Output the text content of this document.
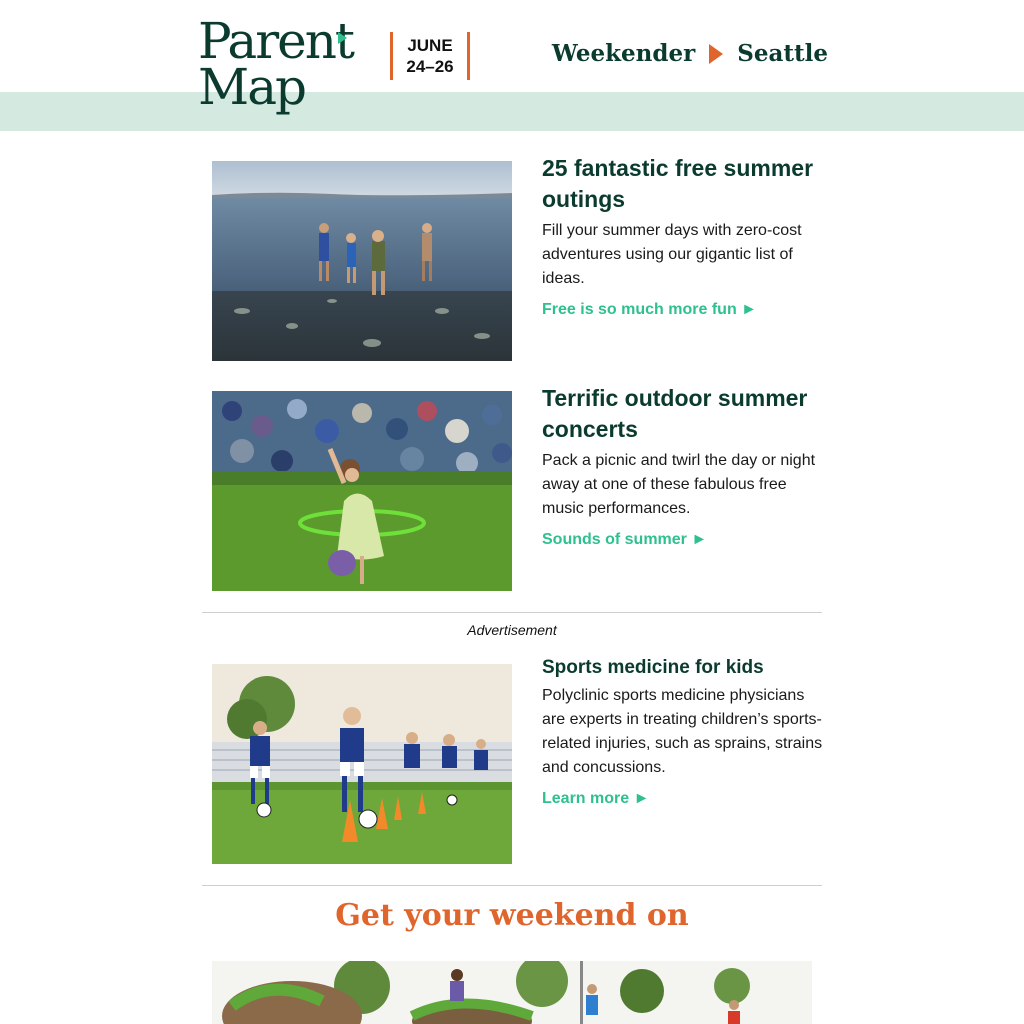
Parent
Map
JUNE
24–26	Weekender Seattle
25 fantastic free summer outings

Fill your summer days with zero-cost adventures using our gigantic list of ideas.

Free is so much more fun ►
Terrific outdoor summer concerts

Pack a picnic and twirl the day or night away at one of these fabulous free music performances.

Sounds of summer ►
Advertisement
Sports medicine for kids

Polyclinic sports medicine physicians are experts in treating children’s sports-related injuries, such as sprains, strains and concussions.

Learn more ►
Get your weekend on
